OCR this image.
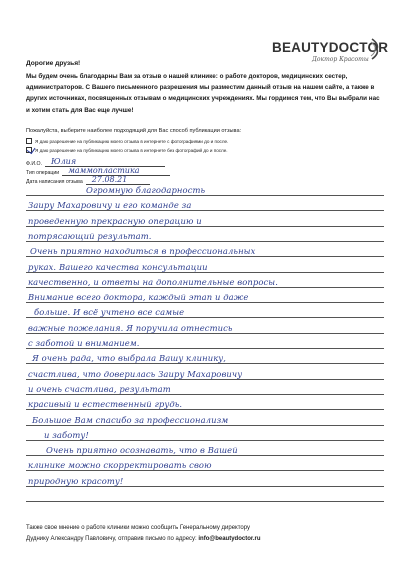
BEAUTYDOCTOR
Доктор Красоты
Дорогие друзья!
Мы будем очень благодарны Вам за отзыв о нашей клинике: о работе докторов, медицинских сестер, администраторов. С Вашего письменного разрешения мы разместим данный отзыв на нашем сайте, а также в других источниках, посвященных отзывам о медицинских учреждениях. Мы гордимся тем, что Вы выбрали нас и хотим стать для Вас еще лучше!
Пожалуйста, выберите наиболее подходящий для Вас способ публикации отзыва:
Я даю разрешение на публикацию моего отзыва в интернете с фотографиями до и после.
Я даю разрешение на публикацию моего отзыва в интернете без фотографий до и после.
Ф.И.О. Юлия
Тип операции маммопластика
Дата написания отзыва 27.08.21
Огромную благодарность
Заиру Махаровичу и его команде за
проведенную прекрасную операцию и
потрясающий результат.
Очень приятно находиться в профессиональных
руках. Вашего качества консультации
качественно, и ответы на дополнительные вопросы.
Внимание всего доктора, каждый этап и даже
больше. И всё учтено все самые
важные пожелания. Я поручила отнестись
с заботой и вниманием.
Я очень рада, что выбрала Вашу клинику,
счастлива, что доверилась Заиру Махаровичу
и очень счастлива, результат
красивый и естественный грудь.
Большое Вам спасибо за профессионализм
и заботу!
Очень приятно осознавать, что в Вашей
клинике можно скорректировать свою
природную красоту!
Также свое мнение о работе клиники можно сообщить Генеральному директору
Дуднику Александру Павловичу, отправив письмо по адресу: info@beautydoctor.ru
